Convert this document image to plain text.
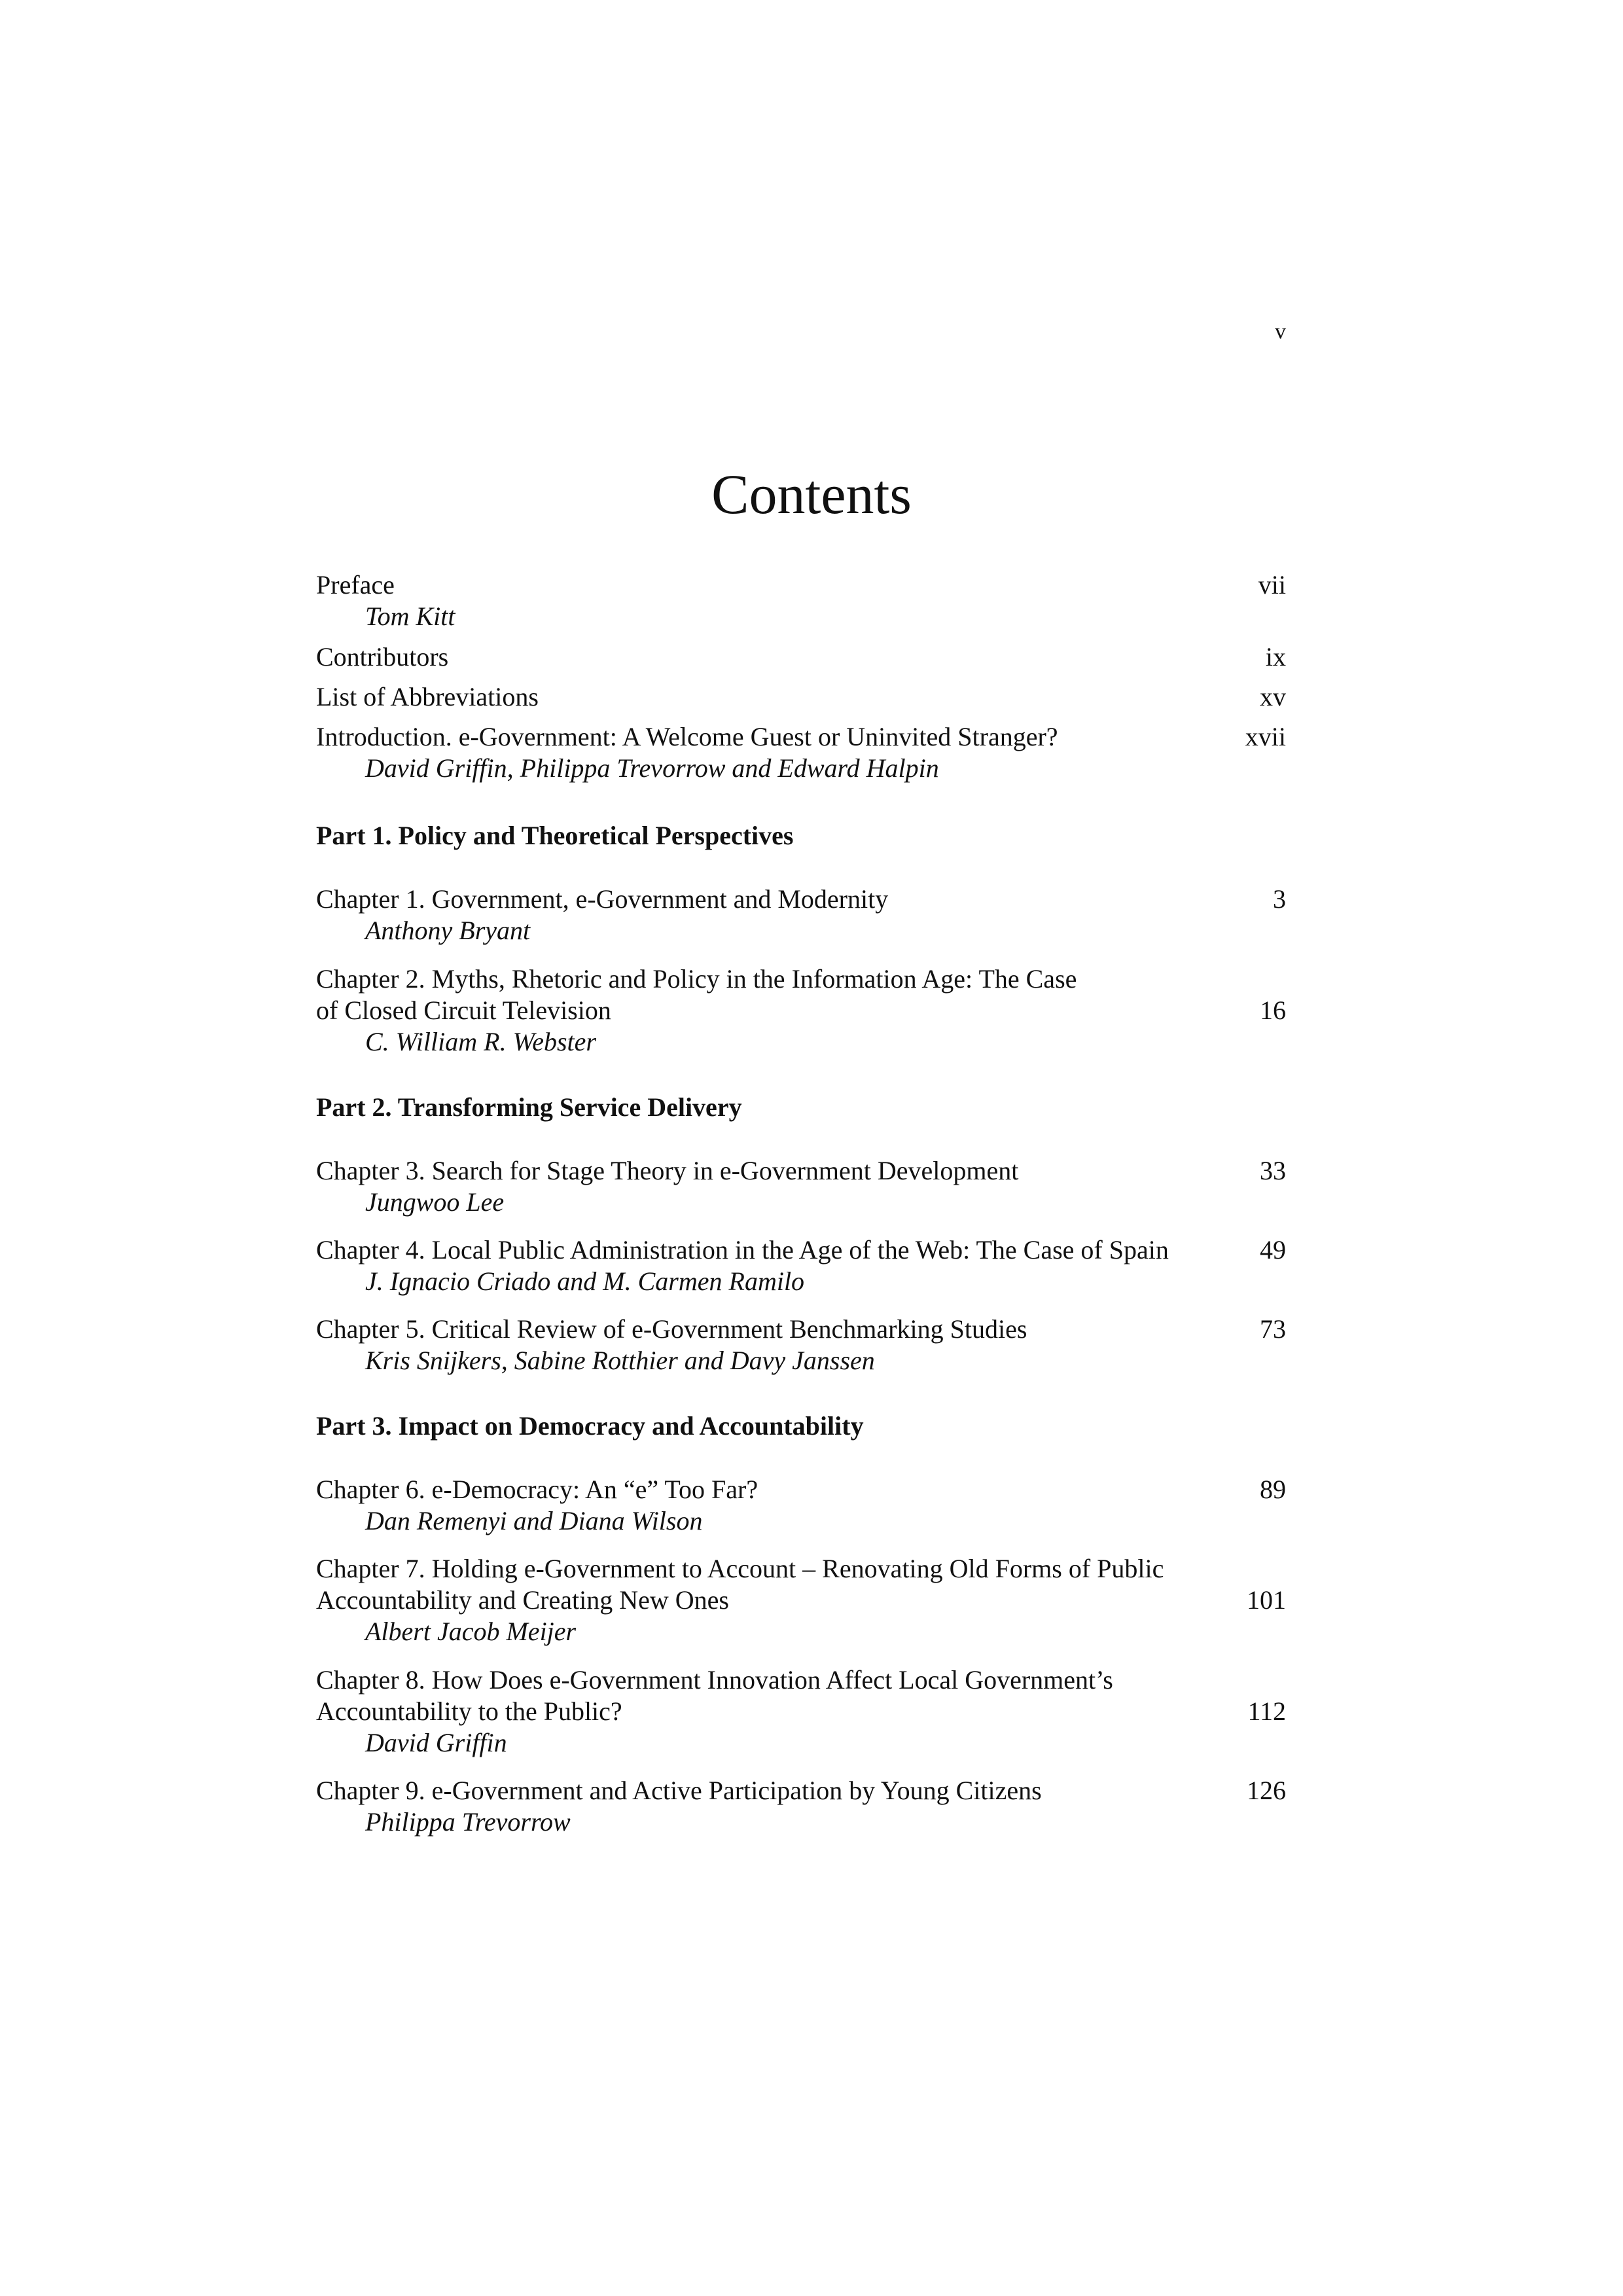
v
Contents
Preface	vii
Tom Kitt
Contributors	ix
List of Abbreviations	xv
Introduction. e-Government: A Welcome Guest or Uninvited Stranger?	xvii
David Griffin, Philippa Trevorrow and Edward Halpin
Part 1. Policy and Theoretical Perspectives
Chapter 1. Government, e-Government and Modernity	3
Anthony Bryant
Chapter 2. Myths, Rhetoric and Policy in the Information Age: The Case
of Closed Circuit Television	16
C. William R. Webster
Part 2. Transforming Service Delivery
Chapter 3. Search for Stage Theory in e-Government Development	33
Jungwoo Lee
Chapter 4. Local Public Administration in the Age of the Web: The Case of Spain	49
J. Ignacio Criado and M. Carmen Ramilo
Chapter 5. Critical Review of e-Government Benchmarking Studies	73
Kris Snijkers, Sabine Rotthier and Davy Janssen
Part 3. Impact on Democracy and Accountability
Chapter 6. e-Democracy: An “e” Too Far?	89
Dan Remenyi and Diana Wilson
Chapter 7. Holding e-Government to Account – Renovating Old Forms of Public
Accountability and Creating New Ones	101
Albert Jacob Meijer
Chapter 8. How Does e-Government Innovation Affect Local Government’s
Accountability to the Public?	112
David Griffin
Chapter 9. e-Government and Active Participation by Young Citizens	126
Philippa Trevorrow
